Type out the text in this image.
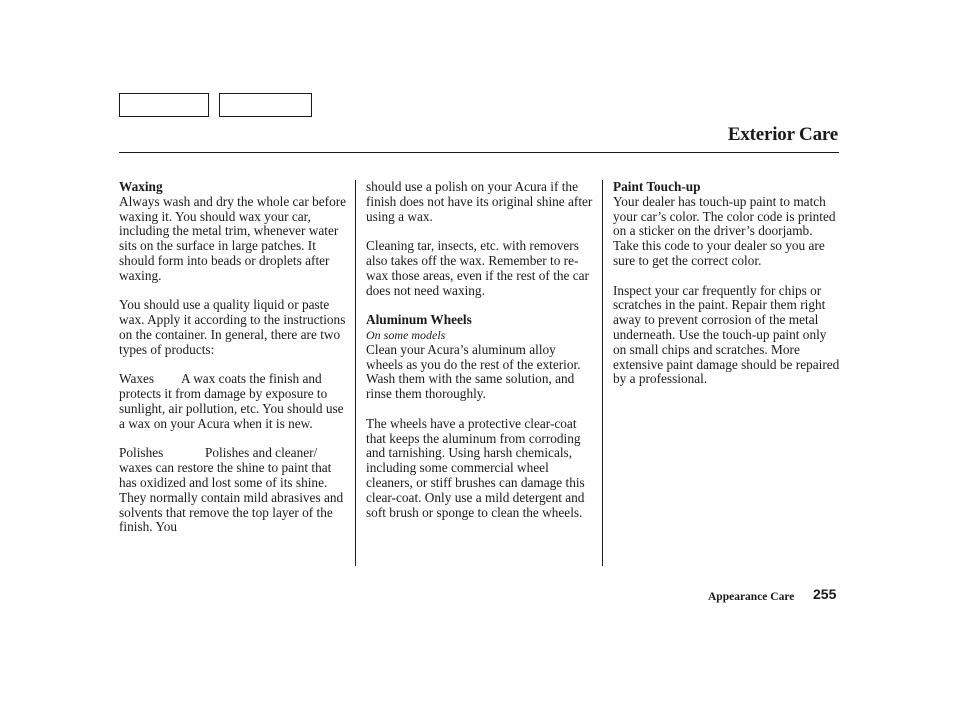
Exterior Care
Waxing

Always wash and dry the whole car before waxing it. You should wax your car, including the metal trim, whenever water sits on the surface in large patches. It should form into beads or droplets after waxing.

You should use a quality liquid or paste wax. Apply it according to the instructions on the container. In general, there are two types of products:

Waxes A wax coats the finish and protects it from damage by exposure to sunlight, air pollution, etc. You should use a wax on your Acura when it is new.

Polishes	Polishes and cleaner/ waxes can restore the shine to paint that has oxidized and lost some of its shine. They normally contain mild abrasives and solvents that remove the top layer of the finish. You

should use a polish on your Acura if the finish does not have its original shine after using a wax.

Cleaning tar, insects, etc. with removers also takes off the wax. Remember to re-wax those areas, even if the rest of the car does not need waxing.

Aluminum Wheels
On some models

Clean your Acura’s aluminum alloy wheels as you do the rest of the exterior. Wash them with the same solution, and rinse them thoroughly.

The wheels have a protective clear-coat that keeps the aluminum from corroding and tarnishing. Using harsh chemicals, including some commercial wheel cleaners, or stiff brushes can damage this clear-coat. Only use a mild detergent and soft brush or sponge to clean the wheels.

Paint Touch-up

Your dealer has touch-up paint to match your car’s color. The color code is printed on a sticker on the driver’s doorjamb. Take this code to your dealer so you are sure to get the correct color.

Inspect your car frequently for chips or scratches in the paint. Repair them right away to prevent corrosion of the metal underneath. Use the touch-up paint only on small chips and scratches. More extensive paint damage should be repaired by a professional.

Appearance Care 255
